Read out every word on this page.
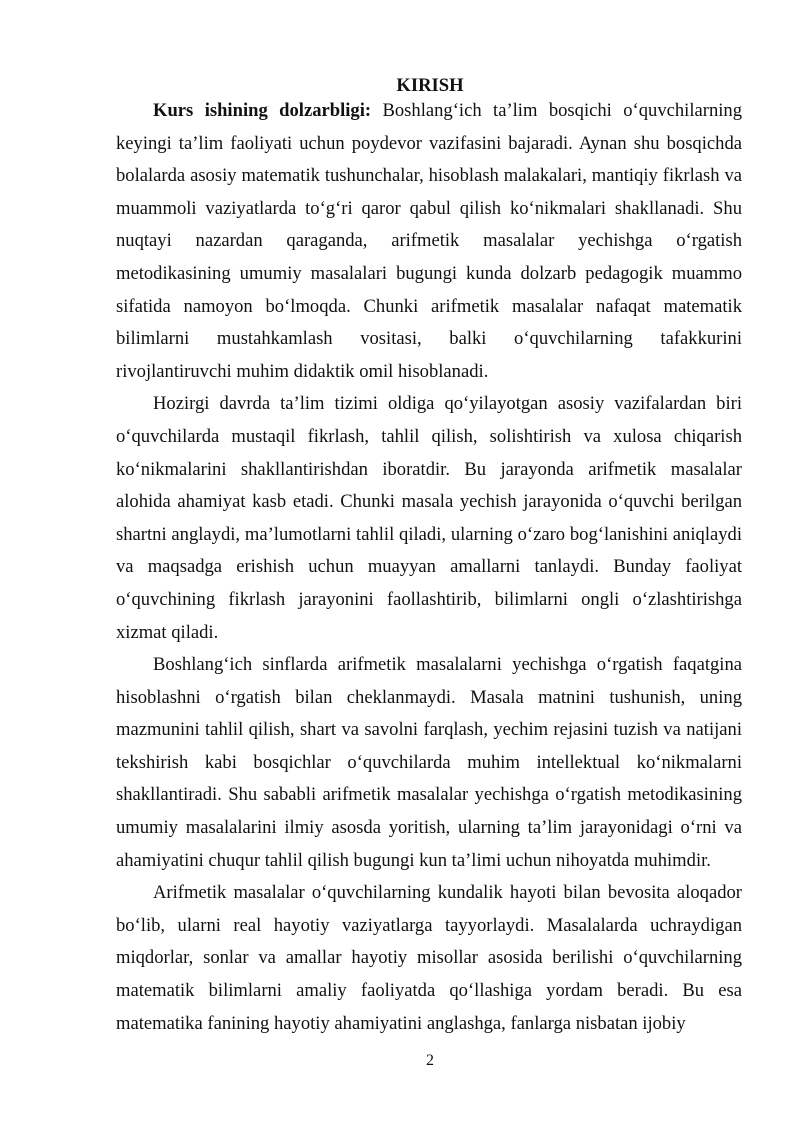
KIRISH

Kurs ishining dolzarbligi: Boshlang‘ich ta’lim bosqichi o‘quvchilarning keyingi ta’lim faoliyati uchun poydevor vazifasini bajaradi. Aynan shu bosqichda bolalarda asosiy matematik tushunchalar, hisoblash malakalari, mantiqiy fikrlash va muammoli vaziyatlarda to‘g‘ri qaror qabul qilish ko‘nikmalari shakllanadi. Shu nuqtayi nazardan qaraganda, arifmetik masalalar yechishga o‘rgatish metodikasining umumiy masalalari bugungi kunda dolzarb pedagogik muammo sifatida namoyon bo‘lmoqda. Chunki arifmetik masalalar nafaqat matematik bilimlarni mustahkamlash vositasi, balki o‘quvchilarning tafakkurini rivojlantiruvchi muhim didaktik omil hisoblanadi.

Hozirgi davrda ta’lim tizimi oldiga qo‘yilayotgan asosiy vazifalardan biri o‘quvchilarda mustaqil fikrlash, tahlil qilish, solishtirish va xulosa chiqarish ko‘nikmalarini shakllantirishdan iboratdir. Bu jarayonda arifmetik masalalar alohida ahamiyat kasb etadi. Chunki masala yechish jarayonida o‘quvchi berilgan shartni anglaydi, ma’lumotlarni tahlil qiladi, ularning o‘zaro bog‘lanishini aniqlaydi va maqsadga erishish uchun muayyan amallarni tanlaydi. Bunday faoliyat o‘quvchining fikrlash jarayonini faollashtirib, bilimlarni ongli o‘zlashtirishga xizmat qiladi.

Boshlang‘ich sinflarda arifmetik masalalarni yechishga o‘rgatish faqatgina hisoblashni o‘rgatish bilan cheklanmaydi. Masala matnini tushunish, uning mazmunini tahlil qilish, shart va savolni farqlash, yechim rejasini tuzish va natijani tekshirish kabi bosqichlar o‘quvchilarda muhim intellektual ko‘nikmalarni shakllantiradi. Shu sababli arifmetik masalalar yechishga o‘rgatish metodikasining umumiy masalalarini ilmiy asosda yoritish, ularning ta’lim jarayonidagi o‘rni va ahamiyatini chuqur tahlil qilish bugungi kun ta’limi uchun nihoyatda muhimdir.

Arifmetik masalalar o‘quvchilarning kundalik hayoti bilan bevosita aloqador bo‘lib, ularni real hayotiy vaziyatlarga tayyorlaydi. Masalalarda uchraydigan miqdorlar, sonlar va amallar hayotiy misollar asosida berilishi o‘quvchilarning matematik bilimlarni amaliy faoliyatda qo‘llashiga yordam beradi. Bu esa matematika fanining hayotiy ahamiyatini anglashga, fanlarga nisbatan ijobiy

2
